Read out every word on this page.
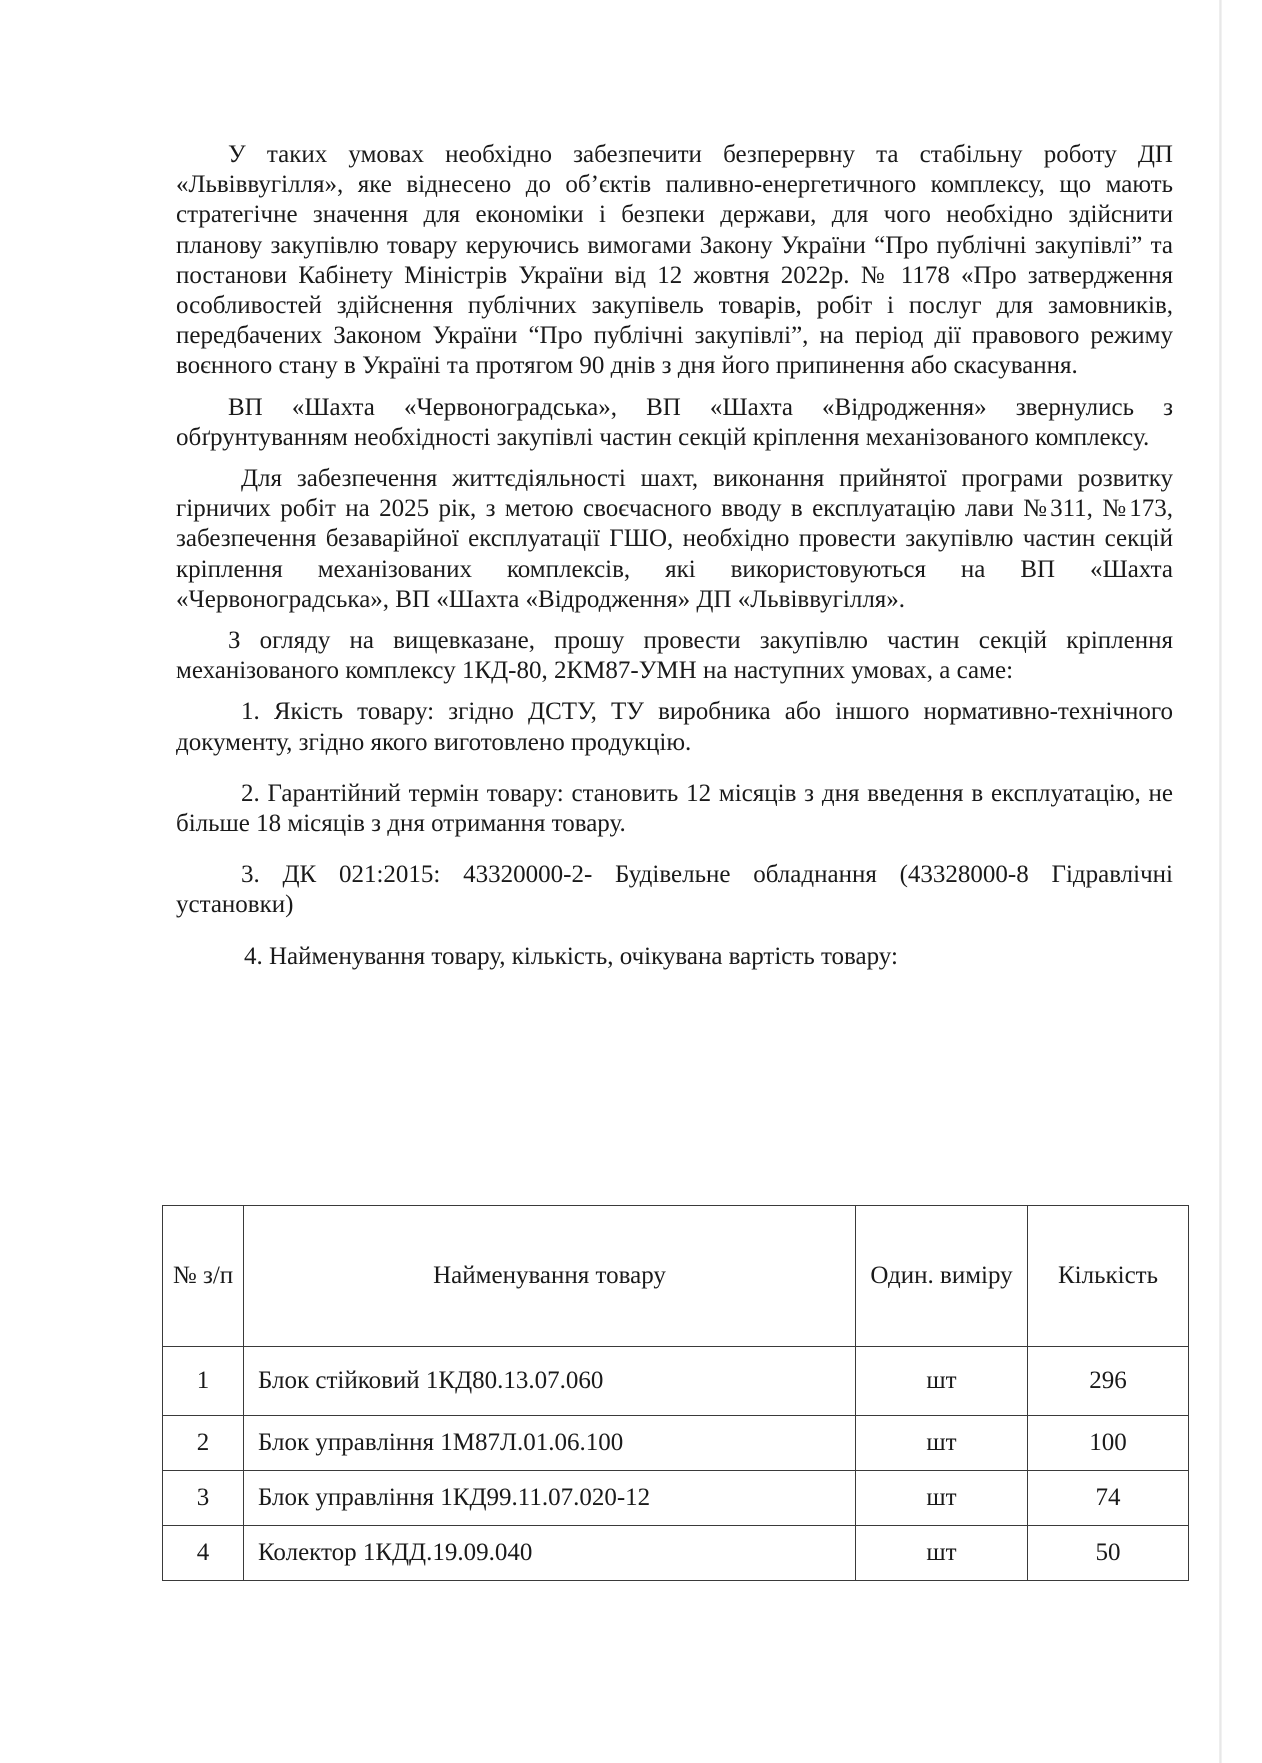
У таких умовах необхідно забезпечити безперервну та стабільну роботу ДП «Львіввугілля», яке віднесено до об’єктів паливно-енергетичного комплексу, що мають стратегічне значення для економіки і безпеки держави, для чого необхідно здійснити планову закупівлю товару керуючись вимогами Закону України “Про публічні закупівлі” та постанови Кабінету Міністрів України від 12 жовтня 2022р. № 1178 «Про затвердження особливостей здійснення публічних закупівель товарів, робіт і послуг для замовників, передбачених Законом України “Про публічні закупівлі”, на період дії правового режиму воєнного стану в Україні та протягом 90 днів з дня його припинення або скасування.

ВП «Шахта «Червоноградська», ВП «Шахта «Відродження» звернулись з обґрунтуванням необхідності закупівлі частин секцій кріплення механізованого комплексу.

Для забезпечення життєдіяльності шахт, виконання прийнятої програми розвитку гірничих робіт на 2025 рік, з метою своєчасного вводу в експлуатацію лави №311, №173, забезпечення безаварійної експлуатації ГШО, необхідно провести закупівлю частин секцій кріплення механізованих комплексів, які використовуються на ВП «Шахта «Червоноградська», ВП «Шахта «Відродження» ДП «Львіввугілля».

З огляду на вищевказане, прошу провести закупівлю частин секцій кріплення механізованого комплексу 1КД-80, 2КМ87-УМН на наступних умовах, а саме:

1. Якість товару: згідно ДСТУ, ТУ виробника або іншого нормативно-технічного документу, згідно якого виготовлено продукцію.

2. Гарантійний термін товару: становить 12 місяців з дня введення в експлуатацію, не більше 18 місяців з дня отримання товару.

3. ДК 021:2015: 43320000-2- Будівельне обладнання (43328000-8 Гідравлічні установки)

4. Найменування товару, кількість, очікувана вартість товару:

№ з/п	Найменування товару	Один. виміру	Кількість
1	Блок стійковий 1КД80.13.07.060	шт	296
2	Блок управління 1М87Л.01.06.100	шт	100
3	Блок управління 1КД99.11.07.020-12	шт	74
4	Колектор 1КДД.19.09.040	шт	50
